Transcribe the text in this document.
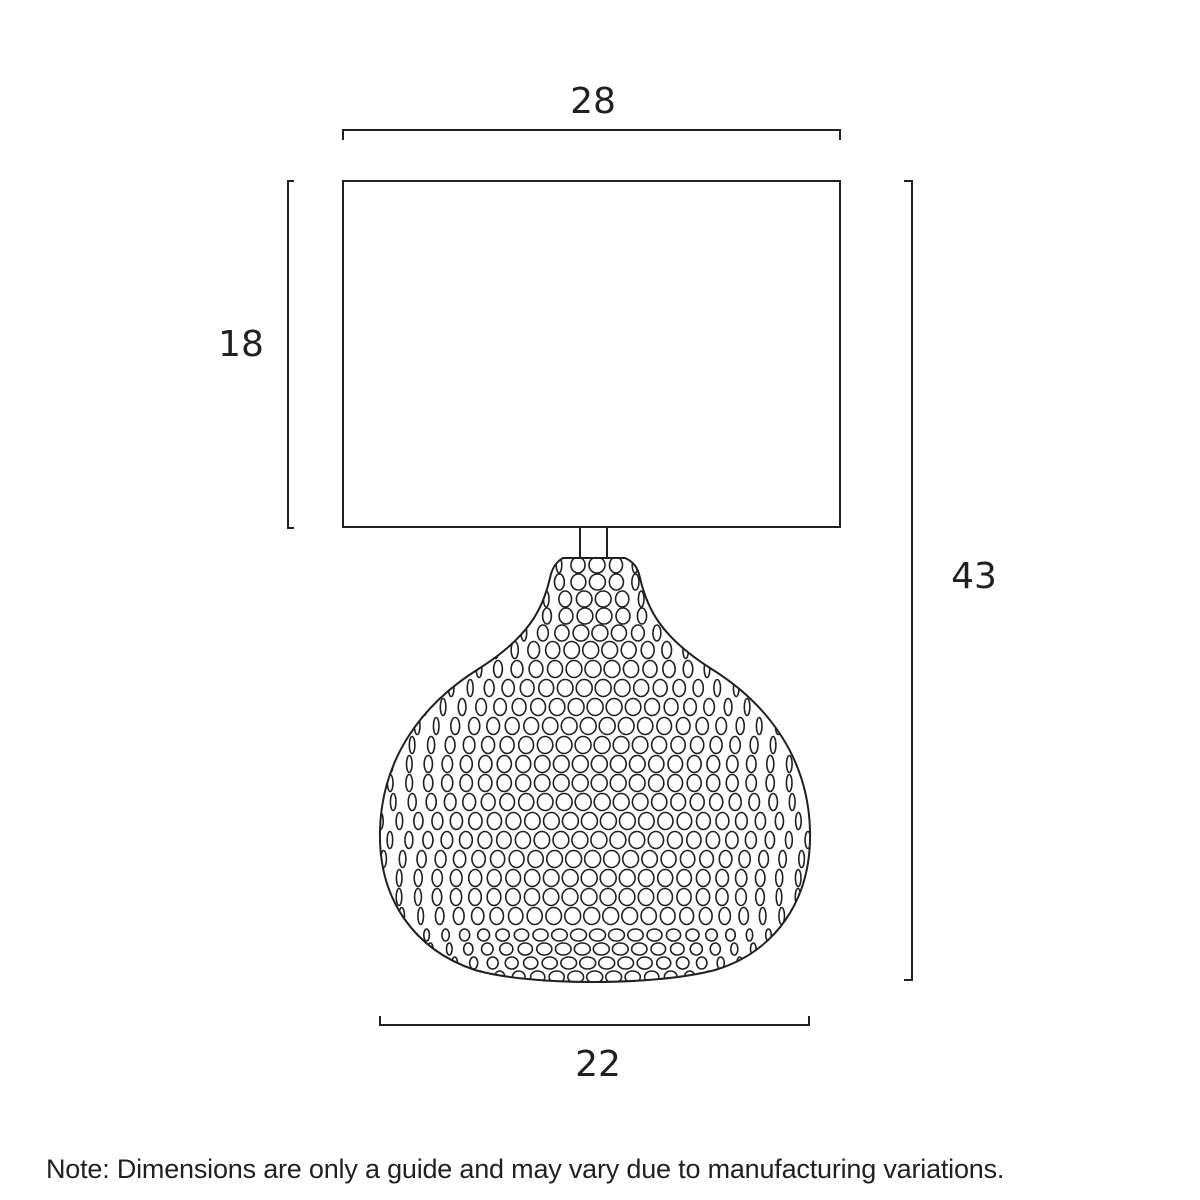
28
18
43
22
Note: Dimensions are only a guide and may vary due to manufacturing variations.
